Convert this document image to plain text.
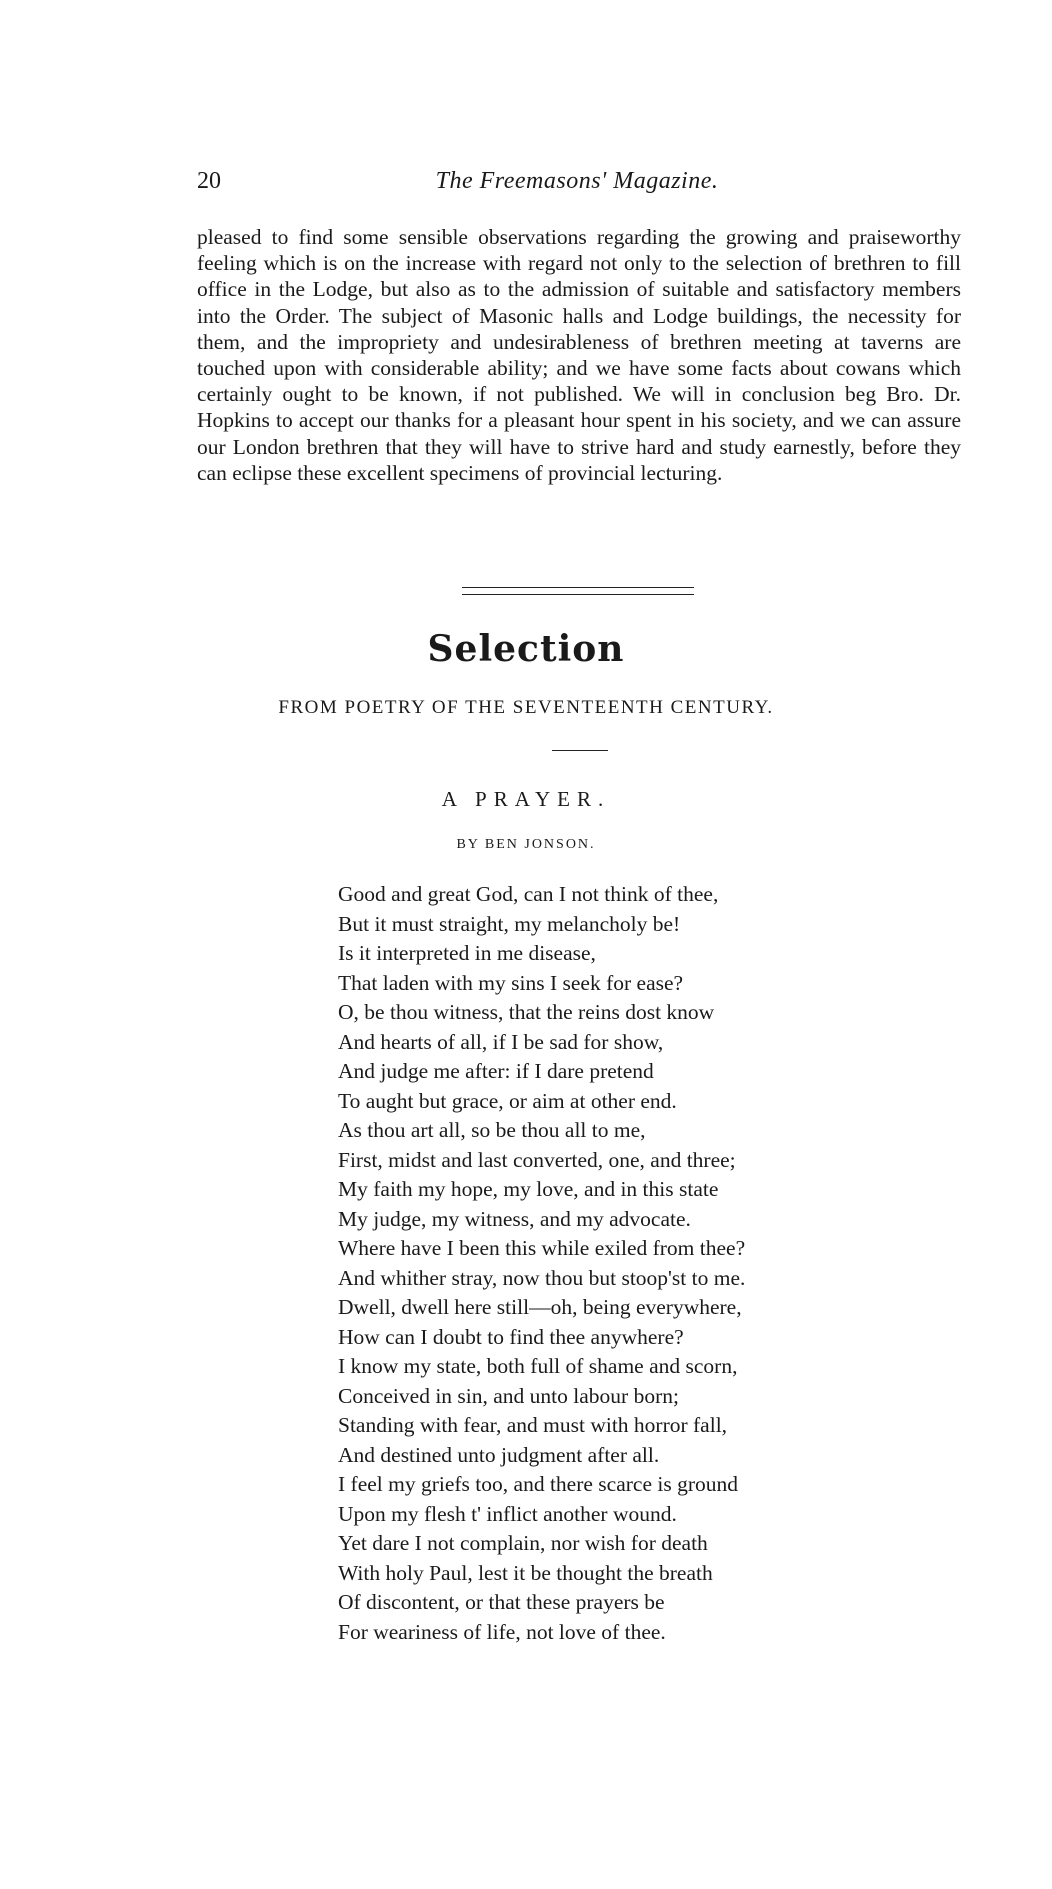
20	The Freemasons' Magazine.

pleased to find some sensible observations regarding the growing and praiseworthy feeling which is on the increase with regard not only to the selection of brethren to fill office in the Lodge, but also as to the admission of suitable and satisfactory members into the Order. The subject of Masonic halls and Lodge buildings, the necessity for them, and the impropriety and undesirableness of brethren meeting at taverns are touched upon with considerable ability; and we have some facts about cowans which certainly ought to be known, if not published. We will in conclusion beg Bro. Dr. Hopkins to accept our thanks for a pleasant hour spent in his society, and we can assure our London brethren that they will have to strive hard and study earnestly, before they can eclipse these excellent specimens of provincial lecturing.

Selection
FROM POETRY OF THE SEVENTEENTH CENTURY.
A PRAYER.
BY BEN JONSON.
Good and great God, can I not think of thee,
But it must straight, my melancholy be!
Is it interpreted in me disease,
That laden with my sins I seek for ease?
O, be thou witness, that the reins dost know
And hearts of all, if I be sad for show,
And judge me after: if I dare pretend
To aught but grace, or aim at other end.
As thou art all, so be thou all to me,
First, midst and last converted, one, and three;
My faith my hope, my love, and in this state
My judge, my witness, and my advocate.
Where have I been this while exiled from thee?
And whither stray, now thou but stoop'st to me.
Dwell, dwell here still—oh, being everywhere,
How can I doubt to find thee anywhere?
I know my state, both full of shame and scorn,
Conceived in sin, and unto labour born;
Standing with fear, and must with horror fall,
And destined unto judgment after all.
I feel my griefs too, and there scarce is ground
Upon my flesh t' inflict another wound.
Yet dare I not complain, nor wish for death
With holy Paul, lest it be thought the breath
Of discontent, or that these prayers be
For weariness of life, not love of thee.
